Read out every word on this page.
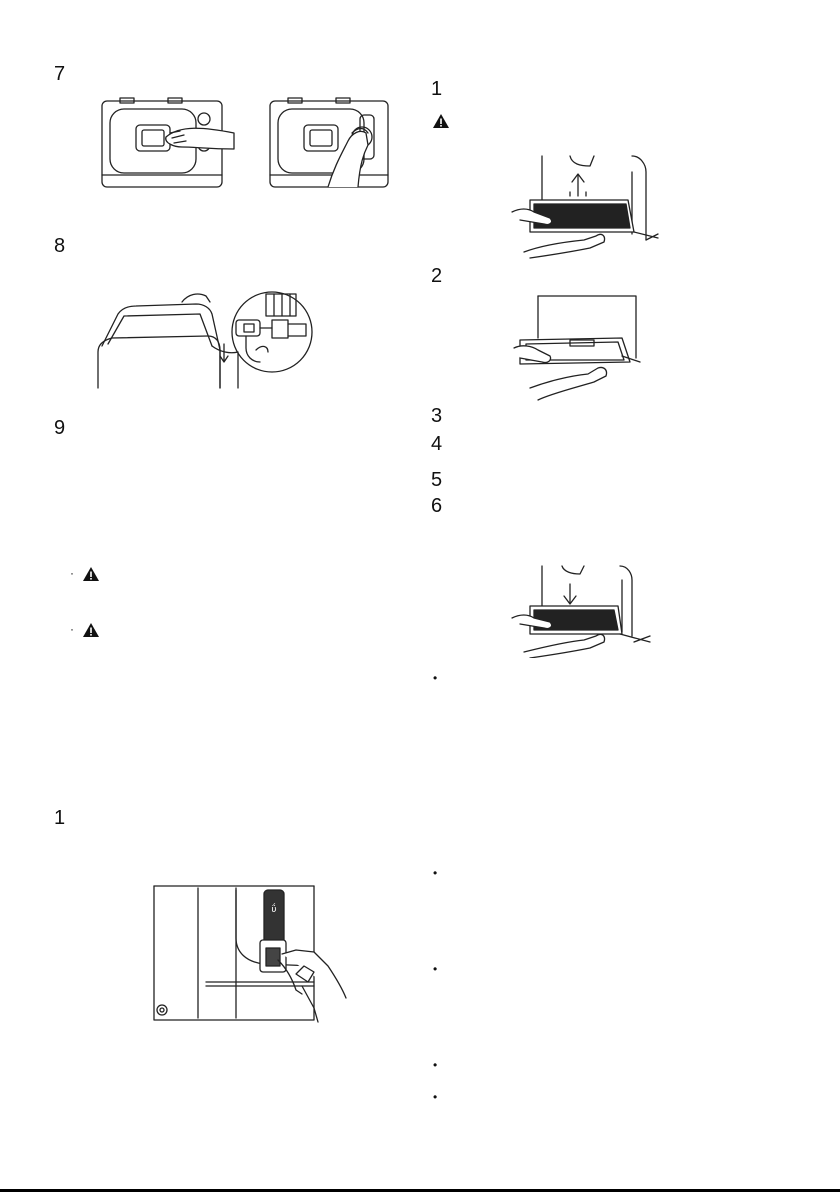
7
8
9
·
·
1
ΰ
1
2
3
4
5
6
•
•
•
•
•
